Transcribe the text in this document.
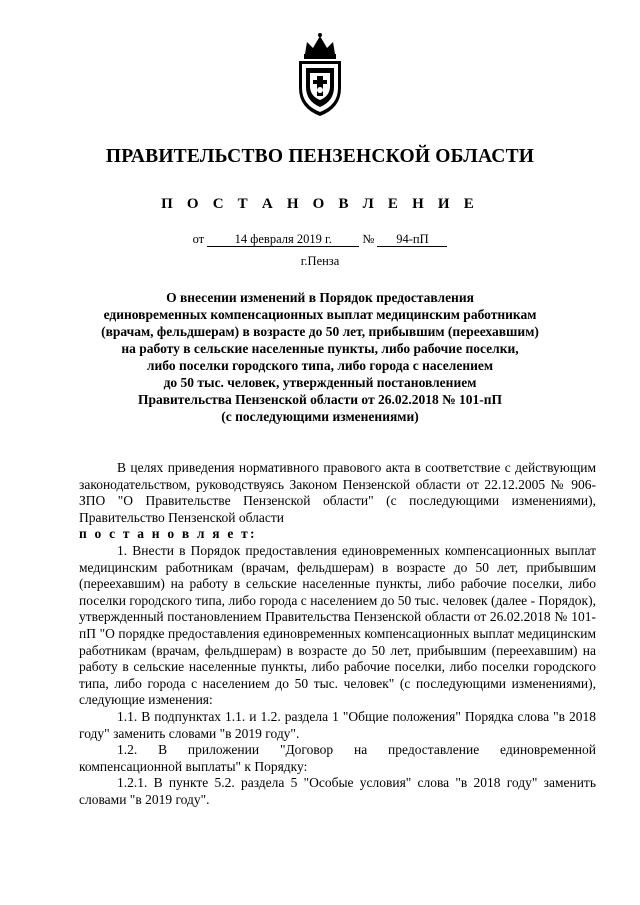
ПРАВИТЕЛЬСТВО ПЕНЗЕНСКОЙ ОБЛАСТИ
П О С Т А Н О В Л Е Н И Е
от 14 февраля 2019 г. № 94-пП
г.Пенза
О внесении изменений в Порядок предоставления
единовременных компенсационных выплат медицинским работникам
(врачам, фельдшерам) в возрасте до 50 лет, прибывшим (переехавшим)
на работу в сельские населенные пункты, либо рабочие поселки,
либо поселки городского типа, либо города с населением
до 50 тыс. человек, утвержденный постановлением
Правительства Пензенской области от 26.02.2018 № 101-пП
(с последующими изменениями)

В целях приведения нормативного правового акта в соответствие с действующим законодательством, руководствуясь Законом Пензенской области от 22.12.2005 № 906-ЗПО "О Правительстве Пензенской области" (с последующими изменениями), Правительство Пензенской области

п о с т а н о в л я е т:

1. Внести в Порядок предоставления единовременных компенсационных выплат медицинским работникам (врачам, фельдшерам) в возрасте до 50 лет, прибывшим (переехавшим) на работу в сельские населенные пункты, либо рабочие поселки, либо поселки городского типа, либо города с населением до 50 тыс. человек (далее - Порядок), утвержденный постановлением Правительства Пензенской области от 26.02.2018 № 101-пП "О порядке предоставления единовременных компенсационных выплат медицинским работникам (врачам, фельдшерам) в возрасте до 50 лет, прибывшим (переехавшим) на работу в сельские населенные пункты, либо рабочие поселки, либо поселки городского типа, либо города с населением до 50 тыс. человек" (с последующими изменениями), следующие изменения:

1.1. В подпунктах 1.1. и 1.2. раздела 1 "Общие положения" Порядка слова "в 2018 году" заменить словами "в 2019 году".

1.2. В приложении "Договор на предоставление единовременной компенсационной выплаты" к Порядку:

1.2.1. В пункте 5.2. раздела 5 "Особые условия" слова "в 2018 году" заменить словами "в 2019 году".
